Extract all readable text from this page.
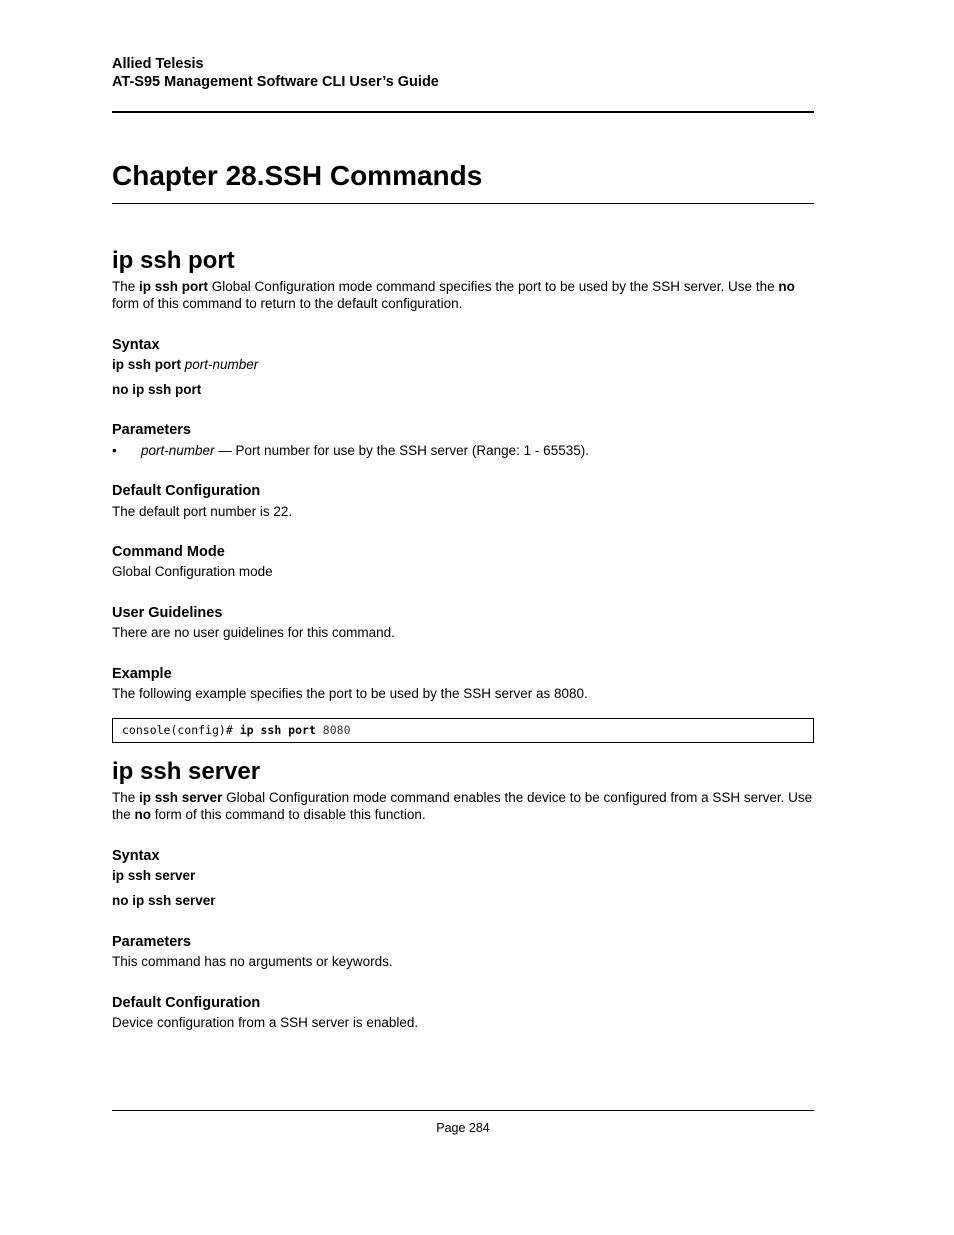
Allied Telesis
AT-S95 Management Software CLI User’s Guide
Chapter 28.SSH Commands
ip ssh port
The ip ssh port Global Configuration mode command specifies the port to be used by the SSH server. Use the no form of this command to return to the default configuration.
Syntax
ip ssh port port-number
no ip ssh port
Parameters
• port-number — Port number for use by the SSH server (Range: 1 - 65535).
Default Configuration
The default port number is 22.
Command Mode
Global Configuration mode
User Guidelines
There are no user guidelines for this command.
Example
The following example specifies the port to be used by the SSH server as 8080.
console(config)# ip ssh port 8080
ip ssh server
The ip ssh server Global Configuration mode command enables the device to be configured from a SSH server. Use the no form of this command to disable this function.
Syntax
ip ssh server
no ip ssh server
Parameters
This command has no arguments or keywords.
Default Configuration
Device configuration from a SSH server is enabled.
Page 284
